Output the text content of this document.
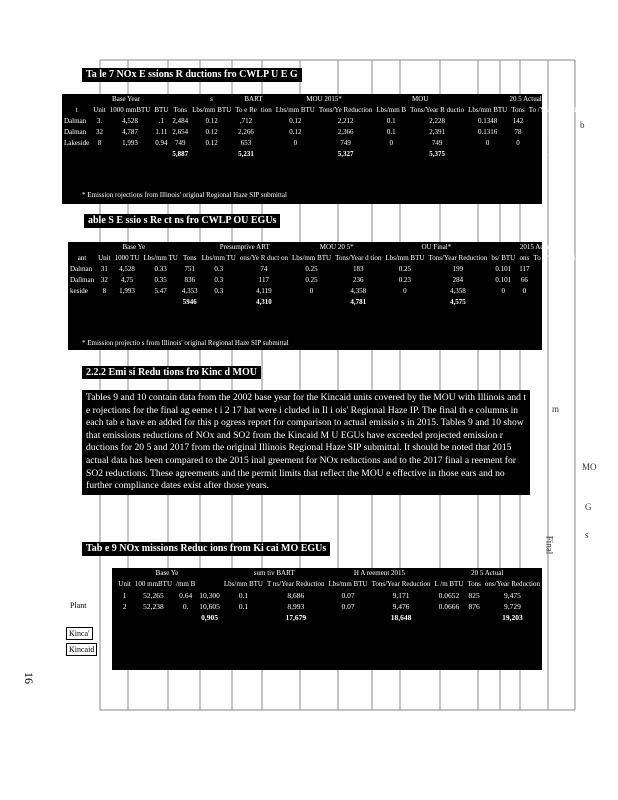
m
MO
G
s
b
Final
Ta le 7 NOx E ssions R ductions fro CWLP U E G
Base Year					s	BART		MOU 2015*		MOU		20 5 Actual		
t	Unit	1000 mmBTU	BTU	Tons	Lbs/mm BTU	To e Re	tion	Lbs/mm BTU	Tons/Ye Reduction	Lbs/mm B	Tons/Year R ductio	Lbs/mm BTU	Tons	To /Year Reduction
Dalman	3.	4,528	.1	2,484	0.12	,712		0.12	2,212	0.1	2,228	0.1348	142	2,342
Dalman	32	4,787	1.11	2,654	0.12	2,266		0.12	2,366	0.1	2,391	0.1316	78	2,576
Lakeside	8	1,993	0.94	749	0.12	653		0	749	0	749	0	0	749
				5,887		5,231			5,327		5,375			5,666
* Emission rojections from Illinois' original Regional Haze SIP submittal
able S E ssio s Re ct ns fro CWLP OU EGUs
Base Ye					Presumptive ART		MOU 20 5*		OU Final*		2015 Actual		
ant	Unit	1000 TU	Lbs/mm TU	Tons	Lbs/mm TU	ons/Ye R duct on	Lbs/mm BTU	Tons/Year d tion	Lbs/mm BTU	Tons/Year Reduction	bs/ BTU	ons	To /Ye Reduction
Dalman	31	4,528	0.33	751	0.3	74	0.25	183	0.25	199	0.101	117	636
Dallman	32	4,75	0.35	836	0.3	117	0.25	236	0.23	284	0.101	66	77
keside	8	1,993	5.47	4,353	0.3	4,119	0	4,358	0	4,358	0	0	4,358
				5946		4,310		4,781		4,575			5.7 8
* Emission projectio s from Illinois' original Regional Haze SIP submittal
2.2.2 Emi si Redu tions fro Kinc d MOU
Tables 9 and 10 contain data from the 2002 base year for the Kincaid units covered by the MOU with Illinois and t e rojections for the final ag eeme t i 2 17 hat were i cluded in Il i ois' Regional Haze IP. The final th e columns in each tab e have en added for this p ogress report for comparison to actual emissio s in 2015. Tables 9 and 10 show that emissions reductions of NOx and SO2 from the Kincaid M U EGUs have exceeded projected emission r ductions for 20 5 and 2017 from the original Illinois Regional Haze SIP submittal. It should be noted that 2015 actual data has been compared to the 2015 inal greement for NOx reductions and to the 2017 final a reement for SO2 reductions. These agreements and the permit limits that reflect the MOU e effective in those ears and no further compliance dates exist after those years.
Tab e 9 NOx missions Reduc ions from Ki cai MO EGUs
Base Ye					sum tiv BART		H A reement 2015		20 5 Actual		
	Unit	100 mmBTU	/mm B		Lbs/mm BTU	T ns/Year Reduction	Lbs/mm BTU	Tons/Year Reduction	L /m BTU	Tons	ons/Year Reduction
	1	52,265	0.64	10,300	0.1	8,686	0.07	9,171	0.0652	825	9,475
	2	52,238	0.	10,605	0.1	8,993	0.07	9,476	0.0666	876	9,729
				0,905		17,679		18,648			19,203
Plant
Kinca'
Kincaid
16
